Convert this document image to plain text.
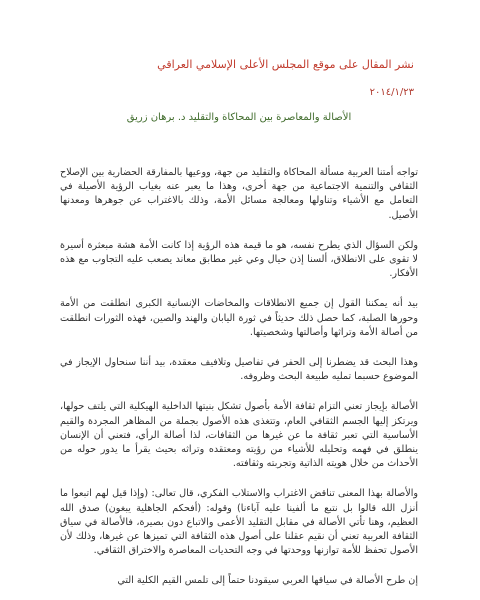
نشر المقال على موقع المجلس الأعلى الإسلامي العراقي
٢٠١٤/١/٢٣
الأصالة والمعاصرة بين المحاكاة والتقليد د. برهان زريق

تواجه أمتنا العربية مسألة المحاكاة والتقليد من جهة، ووعيها بالمفارقة الحضارية بين الإصلاح الثقافي والتنمية الاجتماعية من جهة أخرى، وهذا ما يعبر عنه بغياب الرؤية الأصيلة في التعامل مع الأشياء وتناولها ومعالجة مسائل الأمة، وذلك بالاغتراب عن جوهرها ومعدنها الأصيل.

ولكن السؤال الذي يطرح نفسه، هو ما قيمة هذه الرؤية إذا كانت الأمة هشة مبعثرة أسيرة لا تقوى على الانطلاق، ألسنا إذن حيال وعي غير مطابق معاند يصعب عليه التجاوب مع هذه الأفكار.

بيد أنه يمكننا القول إن جميع الانطلاقات والمخاضات الإنسانية الكبرى انطلقت من الأمة وحورها الصلبة، كما حصل ذلك حديثاً في ثورة اليابان والهند والصين، فهذه الثورات انطلقت من أصالة الأمة وتراثها وأصالتها وشخصيتها.

وهذا البحث قد يضطرنا إلى الحفر في تفاصيل وتلافيف معقدة، بيد أننا سنحاول الإيجاز في الموضوع حسبما تمليه طبيعة البحث وظروفه.

الأصالة بإيجاز تعني التزام ثقافة الأمة بأصول تشكل بنيتها الداخلية الهيكلية التي يلتف حولها، ويرتكز إليها الجسم الثقافي العام، وتتغذى هذه الأصول بجملة من المظاهر المجردة والقيم الأساسية التي تعبر ثقافة ما عن غيرها من الثقافات، لذا أصالة الرأي، فتعني أن الإنسان ينطلق في فهمه وتحليله للأشياء من رؤيته ومعتقده وتراثه بحيث يقرأ ما يدور حوله من الأحداث من خلال هويته الذاتية وتجربته وثقافته.

والأصالة بهذا المعنى تناقض الاغتراب والاستلاب الفكري، قال تعالى: (وإذا قيل لهم اتبعوا ما أنزل الله قالوا بل نتبع ما ألفينا عليه آباءنا) وقوله: (أفحكم الجاهلية يبغون) صدق الله العظيم، وهنا تأتي الأصالة في مقابل التقليد الأعمى والاتباع دون بصيرة، فالأصالة في سياق الثقافة العربية تعني أن نقيم عقلنا على أصول هذه الثقافة التي تميزها عن غيرها، وذلك لأن الأصول تحفظ للأمة توازنها ووحدتها في وجه التحديات المعاصرة والاختراق الثقافي.

إن طرح الأصالة في سياقها العربي سيقودنا حتماً إلى تلمس القيم الكلية التي
